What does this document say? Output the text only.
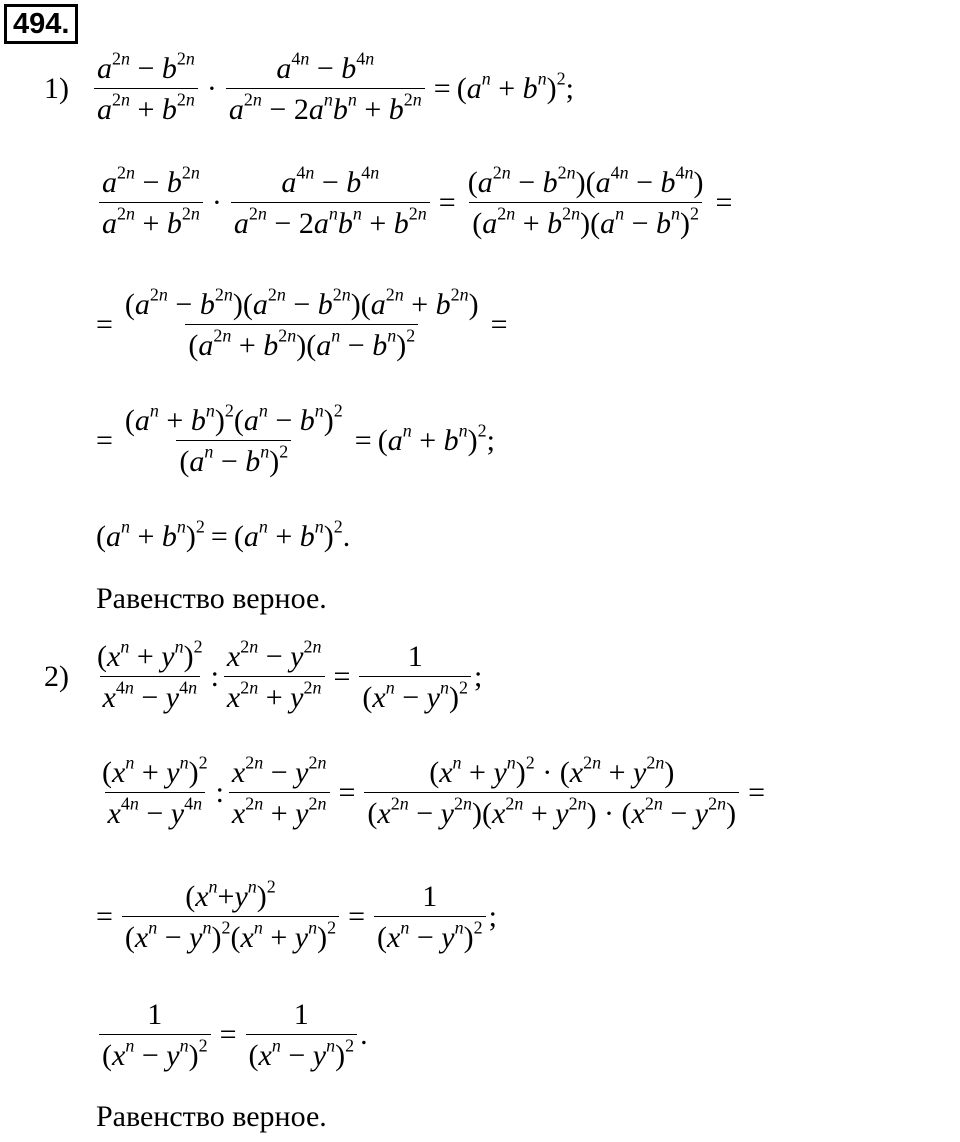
494.
$1) \frac{a^{2n} - b^{2n}}{a^{2n} + b^{2n}} \cdot \frac{a^{4n} - b^{4n}}{a^{2n} - 2a^nb^n + b^{2n}} = (a^n + b^n)^2$;
$\frac{a^{2n} - b^{2n}}{a^{2n} + b^{2n}} \cdot \frac{a^{4n} - b^{4n}}{a^{2n} - 2a^nb^n + b^{2n}} = \frac{(a^{2n} - b^{2n})(a^{4n} - b^{4n})}{(a^{2n} + b^{2n})(a^n - b^n)^2}$ =
= $\frac{(a^{2n} - b^{2n})(a^{2n} - b^{2n})(a^{2n} + b^{2n})}{(a^{2n} + b^{2n})(a^n - b^n)^2}$ =
= $\frac{(a^n + b^n)^2(a^n - b^n)^2}{(a^n - b^n)^2} = (a^n + b^n)^2$;
$(a^n + b^n)^2 = (a^n + b^n)^2$.
Равенство верное.
$2) \frac{(x^n + y^n)^2}{x^{4n} - y^{4n}}$ : $\frac{x^{2n} - y^{2n}}{x^{2n} + y^{2n}} = \frac{1}{(x^n - y^n)^2}$ ;
$\frac{(x^n + y^n)^2}{x^{4n} - y^{4n}}$ : $\frac{x^{2n} - y^{2n}}{x^{2n} + y^{2n}} = \frac{(x^n + y^n)^2 \cdot (x^{2n} + y^{2n})}{(x^{2n} - y^{2n})(x^{2n} + y^{2n}) \cdot (x^{2n} - y^{2n})}$ =
= $\frac{(x^n+y^n)^2}{(x^n - y^n)^2(x^n + y^n)^2} = \frac{1}{(x^n - y^n)^2}$ ;
$\frac{1}{(x^n - y^n)^2} = \frac{1}{(x^n - y^n)^2}$ .
Равенство верное.
